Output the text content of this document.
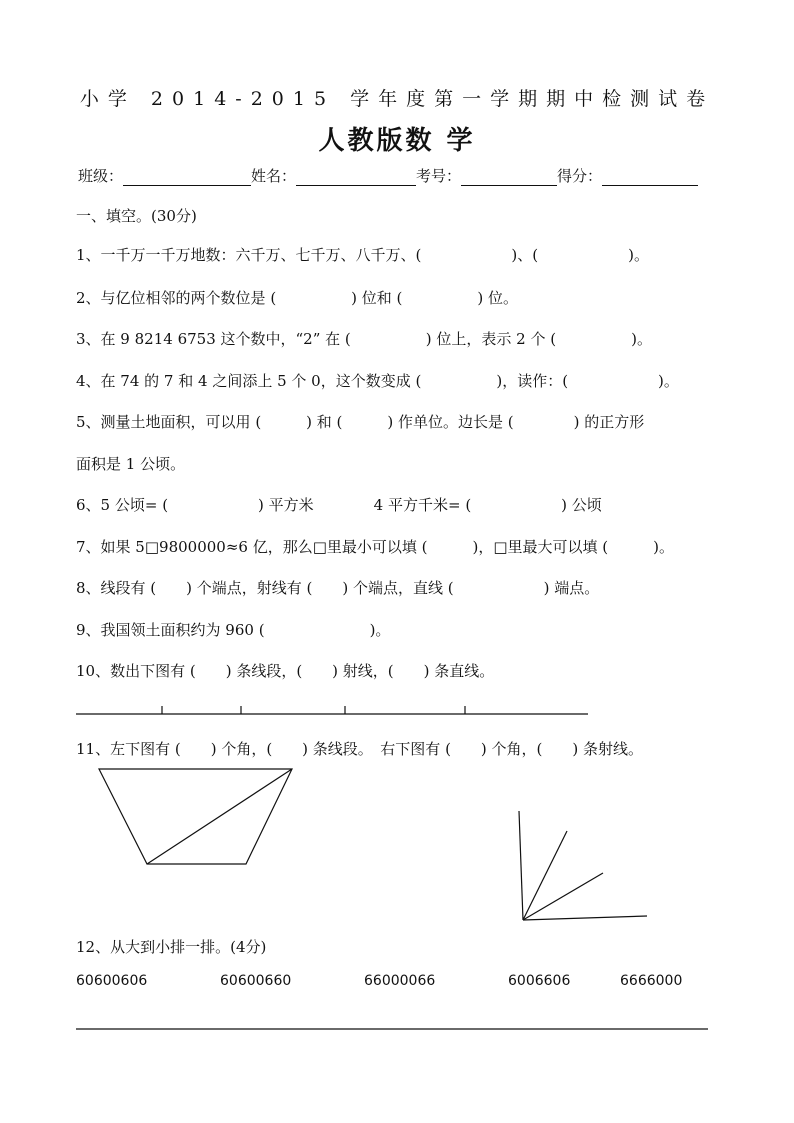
小学 2014-2015 学年度第一学期期中检测试卷
人教版数 学
班级：	姓名：	考号：	得分：
一、填空。(30分)
1、一千万一千万地数：六千万、七千万、八千万、(　　　　　　)、(　　　　　　)。
2、与亿位相邻的两个数位是 (　　　　　) 位和 (　　　　　) 位。
3、在 9 8214 6753 这个数中，“2” 在 (　　　　　) 位上，表示 2 个 (　　　　　)。
4、在 74 的 7 和 4 之间添上 5 个 0，这个数变成 (　　　　　)，读作：(　　　　　　)。
5、测量土地面积，可以用 (　　　) 和 (　　　) 作单位。边长是 (　　　　) 的正方形
面积是 1 公顷。
6、5 公顷= (　　　　　　) 平方米　　　　4 平方千米= (　　　　　　) 公顷
7、如果 5□9800000≈6 亿，那么□里最小可以填 (　　　)，□里最大可以填 (　　　)。
8、线段有 (　　) 个端点，射线有 (　　) 个端点，直线 (　　　　　　) 端点。
9、我国领土面积约为 960 (　　　　　　　)。
10、数出下图有 (　　) 条线段，(　　) 射线，(　　) 条直线。
11、左下图有 (　　) 个角，(　　) 条线段。　右下图有 (　　) 个角，(　　) 条射线。
12、从大到小排一排。(4分)
60600606	60600660	66000066	6006606	6666000
